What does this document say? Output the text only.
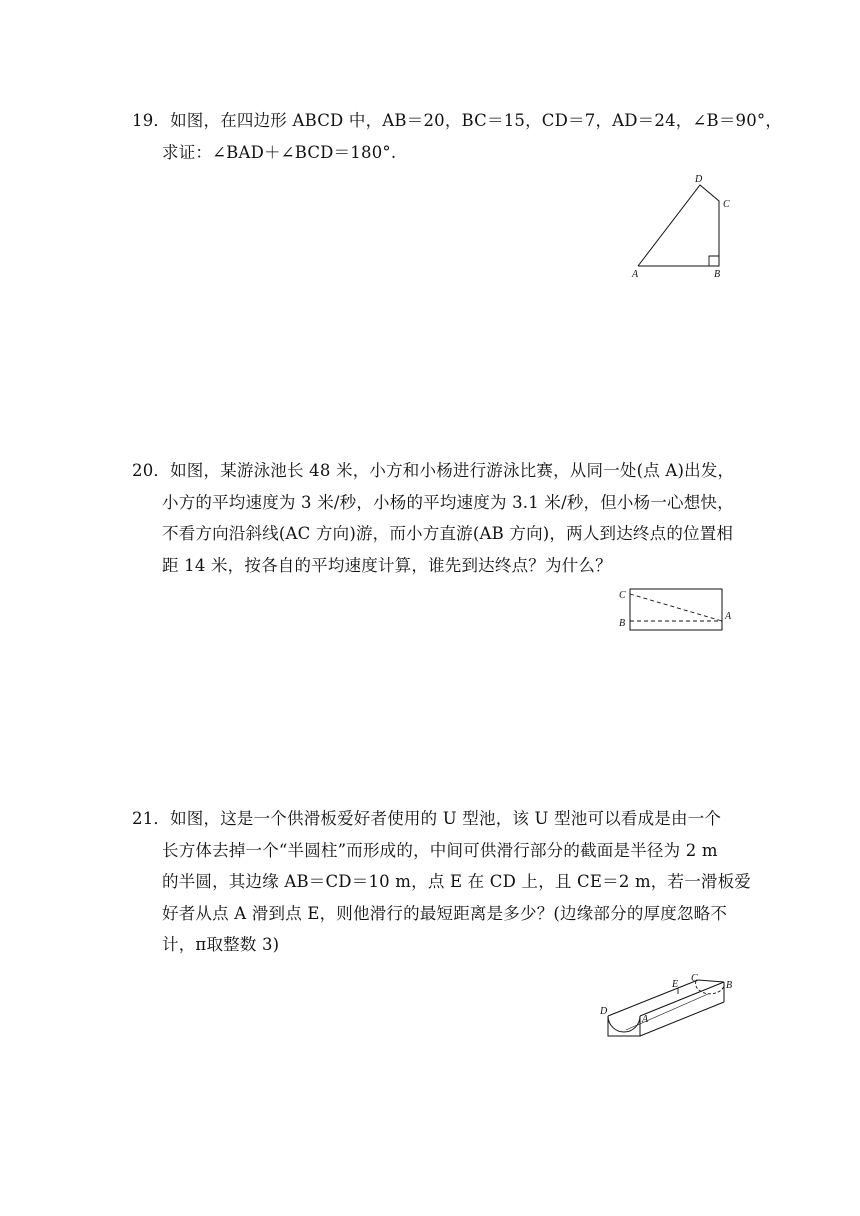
19．如图，在四边形 ABCD 中，AB＝20，BC＝15，CD＝7，AD＝24，∠B＝90°，
求证：∠BAD＋∠BCD＝180°.
D
C
A	B
20．如图，某游泳池长 48 米，小方和小杨进行游泳比赛，从同一处(点 A)出发，
小方的平均速度为 3 米/秒，小杨的平均速度为 3.1 米/秒，但小杨一心想快，
不看方向沿斜线(AC 方向)游，而小方直游(AB 方向)，两人到达终点的位置相
距 14 米，按各自的平均速度计算，谁先到达终点？为什么？
C
B
A
21．如图，这是一个供滑板爱好者使用的 U 型池，该 U 型池可以看成是由一个
长方体去掉一个“半圆柱”而形成的，中间可供滑行部分的截面是半径为 2 m
的半圆，其边缘 AB＝CD＝10 m，点 E 在 CD 上，且 CE＝2 m，若一滑板爱
好者从点 A 滑到点 E，则他滑行的最短距离是多少？(边缘部分的厚度忽略不
计，π取整数 3)
D
A
E
C
B
